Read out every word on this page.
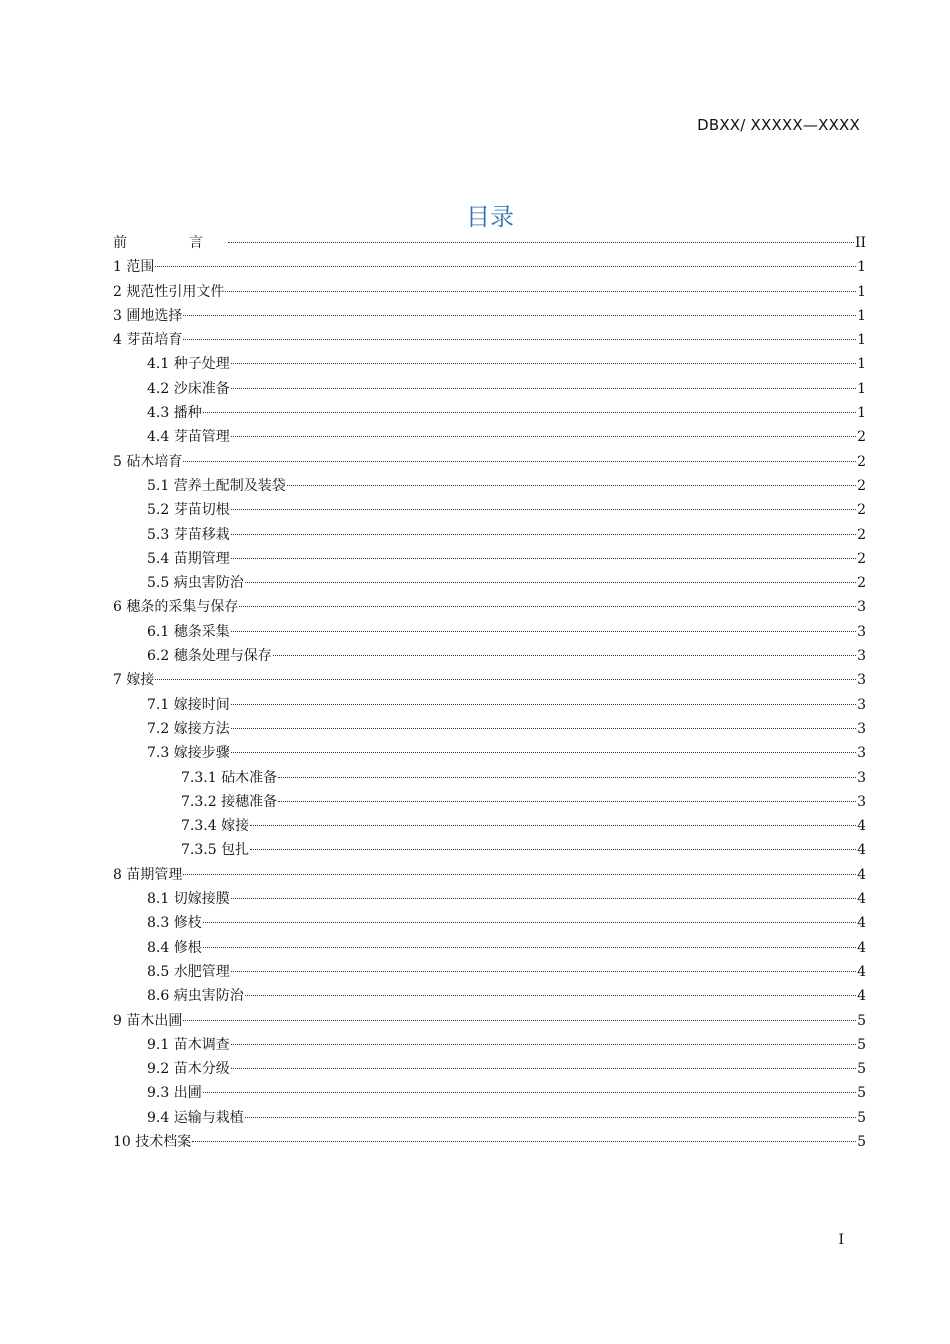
DBXX/ XXXXX—XXXX
目录
前　言	II
1 范围	1
2 规范性引用文件	1
3 圃地选择	1
4 芽苗培育	1
4.1 种子处理	1
4.2 沙床准备	1
4.3 播种	1
4.4 芽苗管理	2
5 砧木培育	2
5.1 营养土配制及装袋	2
5.2 芽苗切根	2
5.3 芽苗移栽	2
5.4 苗期管理	2
5.5 病虫害防治	2
6 穗条的采集与保存	3
6.1 穗条采集	3
6.2 穗条处理与保存	3
7 嫁接	3
7.1 嫁接时间	3
7.2 嫁接方法	3
7.3 嫁接步骤	3
7.3.1 砧木准备	3
7.3.2 接穗准备	3
7.3.4 嫁接	4
7.3.5 包扎	4
8 苗期管理	4
8.1 切嫁接膜	4
8.3 修枝	4
8.4 修根	4
8.5 水肥管理	4
8.6 病虫害防治	4
9 苗木出圃	5
9.1 苗木调查	5
9.2 苗木分级	5
9.3 出圃	5
9.4 运输与栽植	5
10 技术档案	5
I
